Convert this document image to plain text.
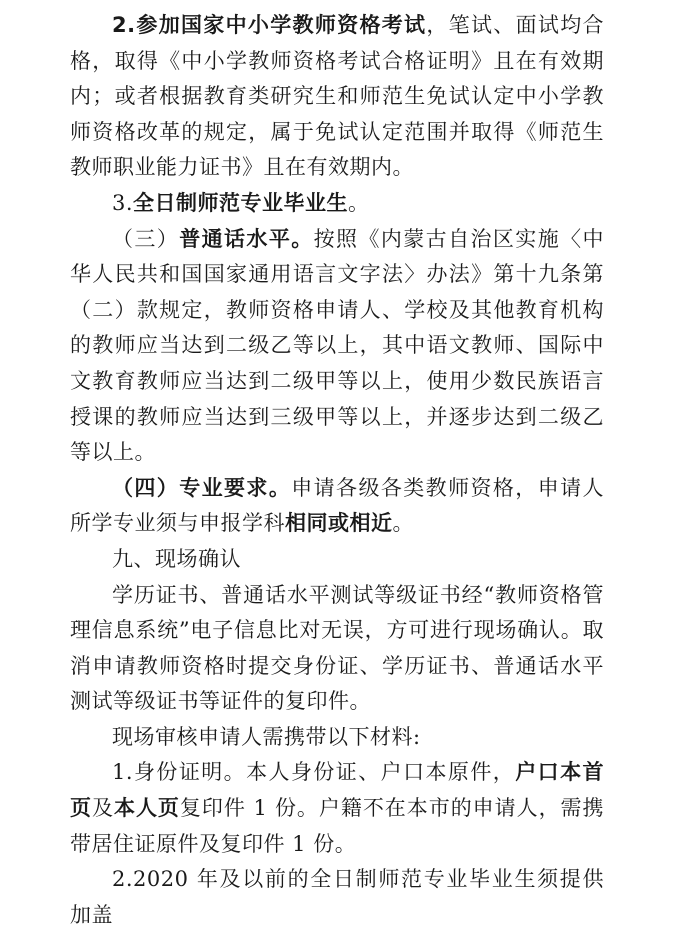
2.参加国家中小学教师资格考试，笔试、面试均合格，取得《中小学教师资格考试合格证明》且在有效期内；或者根据教育类研究生和师范生免试认定中小学教师资格改革的规定，属于免试认定范围并取得《师范生教师职业能力证书》且在有效期内。

3.全日制师范专业毕业生。

（三）普通话水平。按照《内蒙古自治区实施〈中华人民共和国国家通用语言文字法〉办法》第十九条第（二）款规定，教师资格申请人、学校及其他教育机构的教师应当达到二级乙等以上，其中语文教师、国际中文教育教师应当达到二级甲等以上，使用少数民族语言授课的教师应当达到三级甲等以上，并逐步达到二级乙等以上。

（四）专业要求。申请各级各类教师资格，申请人所学专业须与申报学科相同或相近。

九、现场确认

学历证书、普通话水平测试等级证书经“教师资格管理信息系统”电子信息比对无误，方可进行现场确认。取消申请教师资格时提交身份证、学历证书、普通话水平测试等级证书等证件的复印件。

现场审核申请人需携带以下材料:

1.身份证明。本人身份证、户口本原件，户口本首页及本人页复印件 1 份。户籍不在本市的申请人，需携带居住证原件及复印件 1 份。

2.2020 年及以前的全日制师范专业毕业生须提供加盖
